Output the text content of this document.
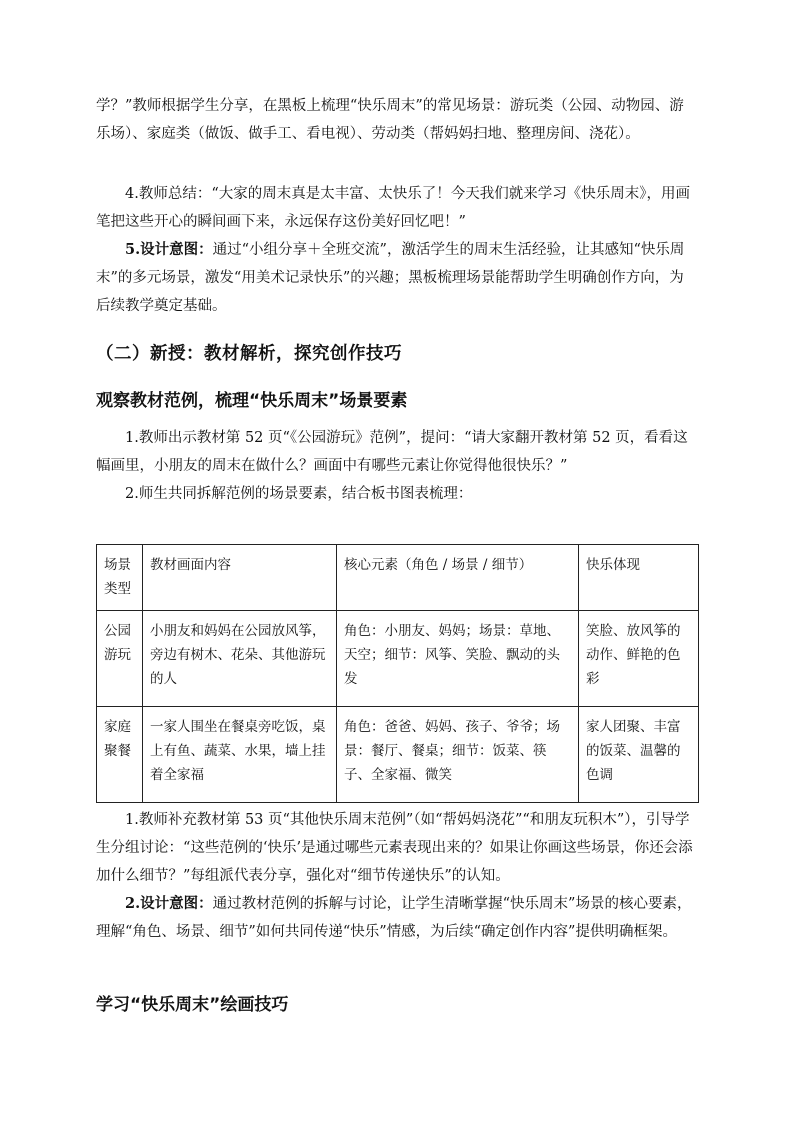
学？”教师根据学生分享，在黑板上梳理“快乐周末”的常见场景：游玩类（公园、动物园、游乐场）、家庭类（做饭、做手工、看电视）、劳动类（帮妈妈扫地、整理房间、浇花）。

4.教师总结：“大家的周末真是太丰富、太快乐了！今天我们就来学习《快乐周末》，用画笔把这些开心的瞬间画下来，永远保存这份美好回忆吧！”

5.设计意图：通过“小组分享＋全班交流”，激活学生的周末生活经验，让其感知“快乐周末”的多元场景，激发“用美术记录快乐”的兴趣；黑板梳理场景能帮助学生明确创作方向，为后续教学奠定基础。

（二）新授：教材解析，探究创作技巧
观察教材范例，梳理“快乐周末”场景要素

1.教师出示教材第 52 页“《公园游玩》范例”，提问：“请大家翻开教材第 52 页，看看这幅画里，小朋友的周末在做什么？画面中有哪些元素让你觉得他很快乐？”

2.师生共同拆解范例的场景要素，结合板书图表梳理：

场景类型	教材画面内容	核心元素（角色 / 场景 / 细节）	快乐体现
公园游玩	小朋友和妈妈在公园放风筝，旁边有树木、花朵、其他游玩的人	角色：小朋友、妈妈；场景：草地、天空；细节：风筝、笑脸、飘动的头发	笑脸、放风筝的动作、鲜艳的色彩
家庭聚餐	一家人围坐在餐桌旁吃饭，桌上有鱼、蔬菜、水果，墙上挂着全家福	角色：爸爸、妈妈、孩子、爷爷；场景：餐厅、餐桌；细节：饭菜、筷子、全家福、微笑	家人团聚、丰富的饭菜、温馨的色调

1.教师补充教材第 53 页“其他快乐周末范例”（如“帮妈妈浇花”“和朋友玩积木”），引导学生分组讨论：“这些范例的‘快乐’是通过哪些元素表现出来的？如果让你画这些场景，你还会添加什么细节？”每组派代表分享，强化对“细节传递快乐”的认知。

2.设计意图：通过教材范例的拆解与讨论，让学生清晰掌握“快乐周末”场景的核心要素，理解“角色、场景、细节”如何共同传递“快乐”情感，为后续“确定创作内容”提供明确框架。

学习“快乐周末”绘画技巧
